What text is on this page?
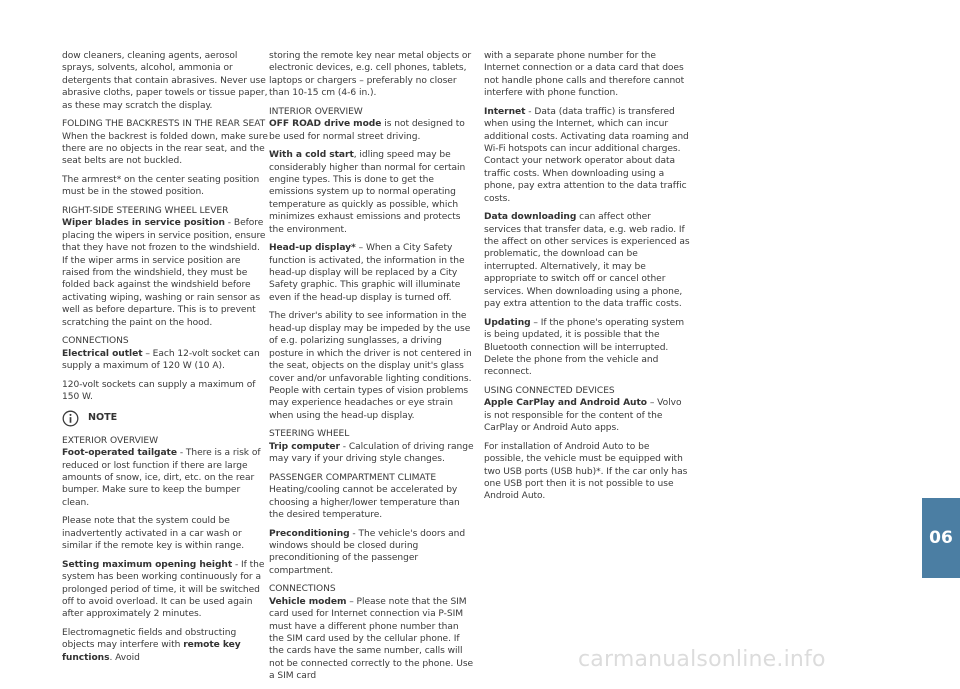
dow cleaners, cleaning agents, aerosol sprays, solvents, alcohol, ammonia or detergents that contain abrasives. Never use abrasive cloths, paper towels or tissue paper, as these may scratch the display.

FOLDING THE BACKRESTS IN THE REAR SEAT

When the backrest is folded down, make sure there are no objects in the rear seat, and the seat belts are not buckled.

The armrest* on the center seating position must be in the stowed position.

RIGHT-SIDE STEERING WHEEL LEVER

Wiper blades in service position - Before placing the wipers in service position, ensure that they have not frozen to the windshield. If the wiper arms in service position are raised from the windshield, they must be folded back against the windshield before activating wiping, washing or rain sensor as well as before departure. This is to prevent scratching the paint on the hood.

CONNECTIONS

Electrical outlet – Each 12-volt socket can supply a maximum of 120 W (10 A).

120-volt sockets can supply a maximum of 150 W.

NOTE

EXTERIOR OVERVIEW

Foot-operated tailgate - There is a risk of reduced or lost function if there are large amounts of snow, ice, dirt, etc. on the rear bumper. Make sure to keep the bumper clean.

Please note that the system could be inadvertently activated in a car wash or similar if the remote key is within range.

Setting maximum opening height - If the system has been working continuously for a prolonged period of time, it will be switched off to avoid overload. It can be used again after approximately 2 minutes.

Electromagnetic fields and obstructing objects may interfere with remote key functions. Avoid

storing the remote key near metal objects or electronic devices, e.g. cell phones, tablets, laptops or chargers – preferably no closer than 10-15 cm (4-6 in.).

INTERIOR OVERVIEW

OFF ROAD drive mode is not designed to be used for normal street driving.

With a cold start, idling speed may be considerably higher than normal for certain engine types. This is done to get the emissions system up to normal operating temperature as quickly as possible, which minimizes exhaust emissions and protects the environment.

Head-up display* – When a City Safety function is activated, the information in the head-up display will be replaced by a City Safety graphic. This graphic will illuminate even if the head-up display is turned off.

The driver's ability to see information in the head-up display may be impeded by the use of e.g. polarizing sunglasses, a driving posture in which the driver is not centered in the seat, objects on the display unit's glass cover and/or unfavorable lighting conditions. People with certain types of vision problems may experience headaches or eye strain when using the head-up display.

STEERING WHEEL

Trip computer - Calculation of driving range may vary if your driving style changes.

PASSENGER COMPARTMENT CLIMATE

Heating/cooling cannot be accelerated by choosing a higher/lower temperature than the desired temperature.

Preconditioning - The vehicle's doors and windows should be closed during preconditioning of the passenger compartment.

CONNECTIONS

Vehicle modem – Please note that the SIM card used for Internet connection via P-SIM must have a different phone number than the SIM card used by the cellular phone. If the cards have the same number, calls will not be connected correctly to the phone. Use a SIM card

with a separate phone number for the Internet connection or a data card that does not handle phone calls and therefore cannot interfere with phone function.

Internet - Data (data traffic) is transfered when using the Internet, which can incur additional costs. Activating data roaming and Wi-Fi hotspots can incur additional charges. Contact your network operator about data traffic costs. When downloading using a phone, pay extra attention to the data traffic costs.

Data downloading can affect other services that transfer data, e.g. web radio. If the affect on other services is experienced as problematic, the download can be interrupted. Alternatively, it may be appropriate to switch off or cancel other services. When downloading using a phone, pay extra attention to the data traffic costs.

Updating – If the phone's operating system is being updated, it is possible that the Bluetooth connection will be interrupted. Delete the phone from the vehicle and reconnect.

USING CONNECTED DEVICES

Apple CarPlay and Android Auto – Volvo is not responsible for the content of the CarPlay or Android Auto apps.

For installation of Android Auto to be possible, the vehicle must be equipped with two USB ports (USB hub)*. If the car only has one USB port then it is not possible to use Android Auto.

06
carmanualsonline.info
